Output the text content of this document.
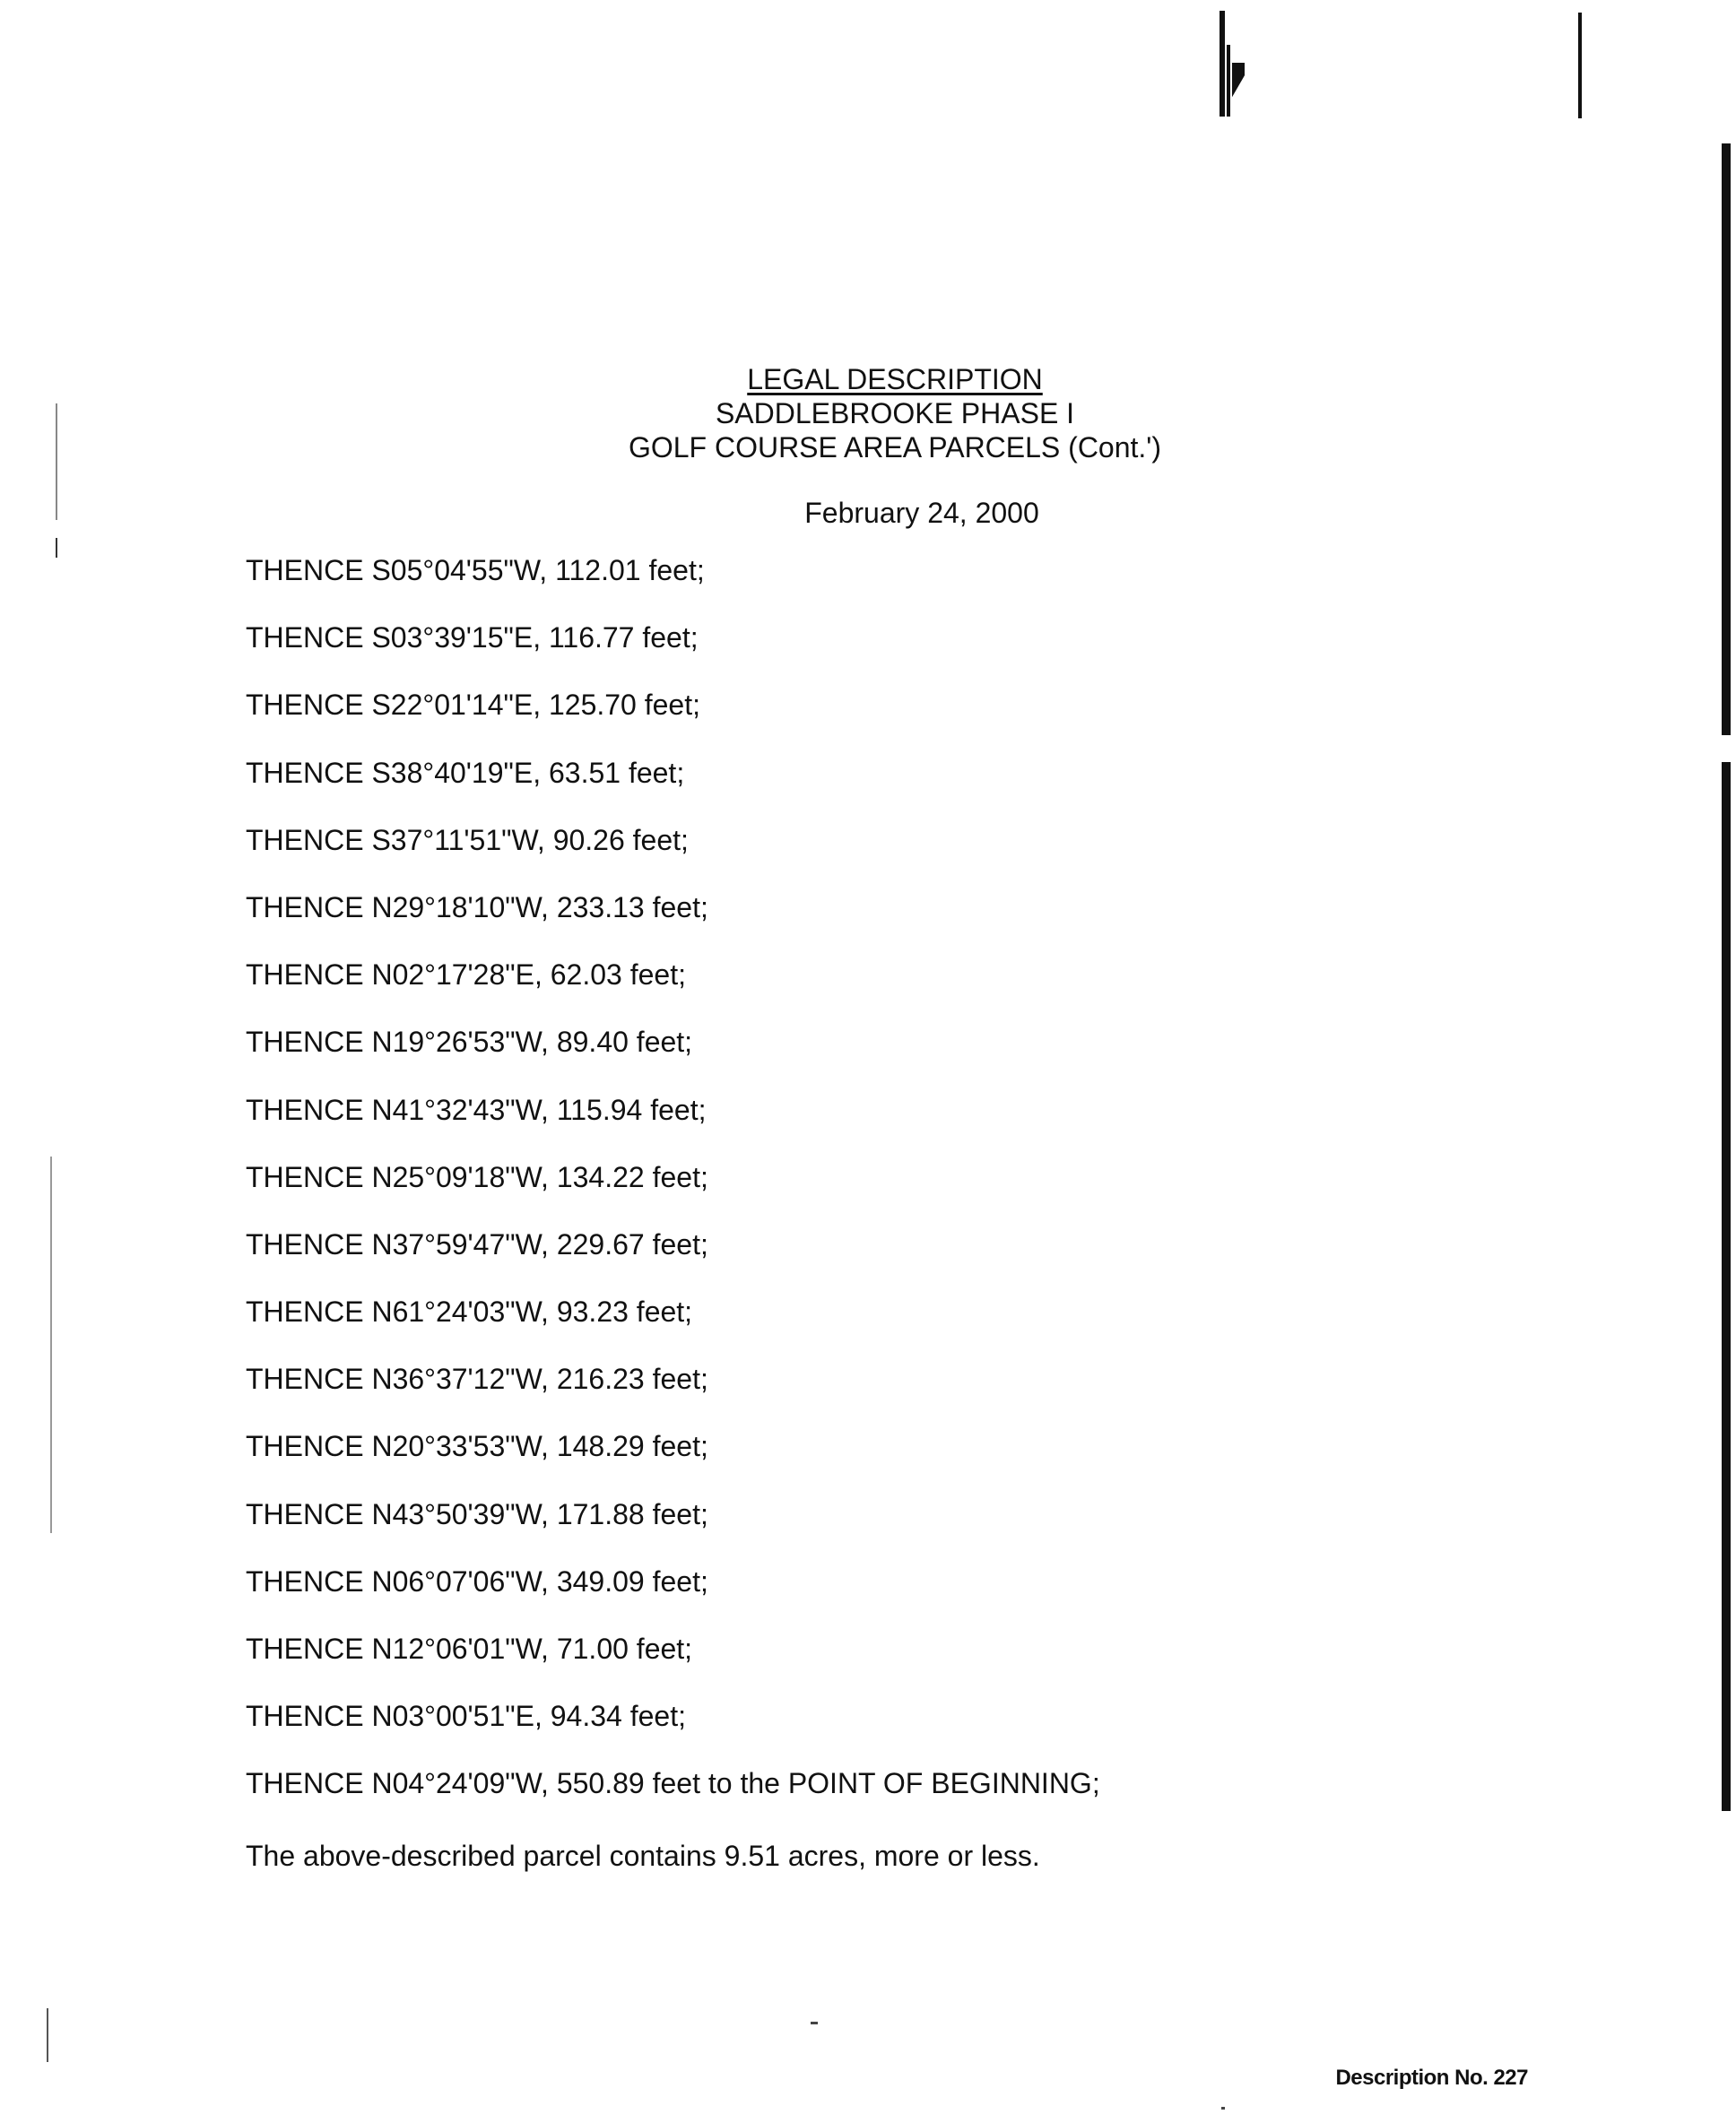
LEGAL DESCRIPTION
SADDLEBROOKE PHASE I
GOLF COURSE AREA PARCELS (Cont.')
February 24, 2000
THENCE S05°04'55"W, 112.01 feet;
THENCE S03°39'15"E, 116.77 feet;
THENCE S22°01'14"E, 125.70 feet;
THENCE S38°40'19"E, 63.51 feet;
THENCE S37°11'51"W, 90.26 feet;
THENCE N29°18'10"W, 233.13 feet;
THENCE N02°17'28"E, 62.03 feet;
THENCE N19°26'53"W, 89.40 feet;
THENCE N41°32'43"W, 115.94 feet;
THENCE N25°09'18"W, 134.22 feet;
THENCE N37°59'47"W, 229.67 feet;
THENCE N61°24'03"W, 93.23 feet;
THENCE N36°37'12"W, 216.23 feet;
THENCE N20°33'53"W, 148.29 feet;
THENCE N43°50'39"W, 171.88 feet;
THENCE N06°07'06"W, 349.09 feet;
THENCE N12°06'01"W, 71.00 feet;
THENCE N03°00'51"E, 94.34 feet;
THENCE N04°24'09"W, 550.89 feet to the POINT OF BEGINNING;
The above-described parcel contains 9.51 acres, more or less.
Description No. 227
